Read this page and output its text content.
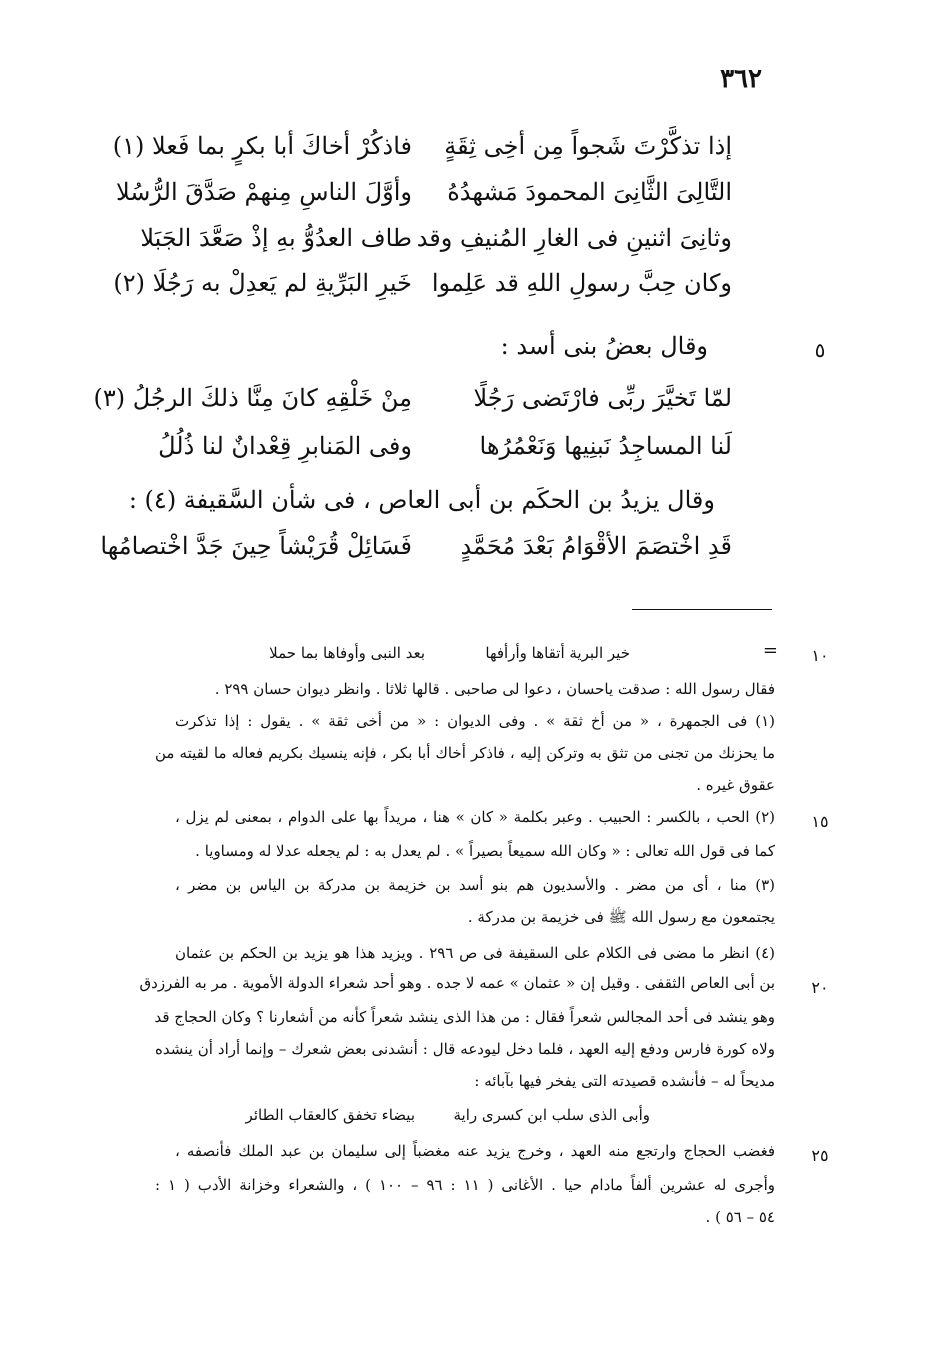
٣٦٢
إذا تذكَّرْتَ شَجواً مِن أخِى ثِقَةٍ
فاذكُرْ أخاكَ أبا بكرٍ بما فَعلا (١)
التَّالِىَ الثَّانِىَ المحمودَ مَشهدُهُ
وأوَّلَ الناسِ مِنهمْ صَدَّقَ الرُّسُلا
وثانِىَ اثنينِ فى الغارِ المُنيفِ وقد
طاف العدُوُّ بهِ إذْ صَعَّدَ الجَبَلا
وكان حِبَّ رسولِ اللهِ قد عَلِموا
خَيرِ البَرِّيةِ لم يَعدِلْ به رَجُلَا (٢)
٥
وقال بعضُ بنى أسد :
لمّا تَخيَّرَ ربِّى فارْتَضى رَجُلًا
مِنْ خَلْقِهِ كانَ مِنَّا ذلكَ الرجُلُ (٣)
لَنا المساجِدُ نَبنِيها وَنَعْمُرُها
وفى المَنابرِ قِعْدانٌ لنا ذُلُلُ
وقال يزيدُ بن الحكَم بن أبى العاص ، فى شأن السَّقيفة (٤) :
قَدِ اخْتصَمَ الأقْوَامُ بَعْدَ مُحَمَّدٍ
فَسَائِلْ قُرَيْشاً حِينَ جَدَّ اخْتصامُها
١٠
=
خير البرية أتقاها وأرأفها
بعد النبى وأوفاها بما حملا
فقال رسول الله : صدقت ياحسان ، دعوا لى صاحبى . قالها ثلاثا . وانظر ديوان حسان ٢٩٩ .
(١) فى الجمهرة ، « من أخ ثقة » . وفى الديوان : « من أخى ثقة » . يقول : إذا تذكرت
ما يحزنك من تجنى من تثق به وتركن إليه ، فاذكر أخاك أبا بكر ، فإنه ينسيك بكريم فعاله ما لقيته من
عقوق غيره .
١٥
(٢) الحب ، بالكسر : الحبيب . وعبر بكلمة « كان » هنا ، مريداً بها على الدوام ، بمعنى لم يزل ،
كما فى قول الله تعالى : « وكان الله سميعاً بصيراً » . لم يعدل به : لم يجعله عدلا له ومساويا .
(٣) منا ، أى من مضر . والأسديون هم بنو أسد بن خزيمة بن مدركة بن الياس بن مضر ،
يجتمعون مع رسول الله ﷺ فى خزيمة بن مدركة .
(٤) انظر ما مضى فى الكلام على السقيفة فى ص ٢٩٦ . ويزيد هذا هو يزيد بن الحكم بن عثمان
٢٠
بن أبى العاص الثقفى . وقيل إن « عثمان » عمه لا جده . وهو أحد شعراء الدولة الأموية . مر به الفرزدق
وهو ينشد فى أحد المجالس شعراً فقال : من هذا الذى ينشد شعراً كأنه من أشعارنا ؟ وكان الحجاج قد
ولاه كورة فارس ودفع إليه العهد ، فلما دخل ليودعه قال : أنشدنى بعض شعرك – وإنما أراد أن ينشده
مديحاً له – فأنشده قصيدته التى يفخر فيها بآبائه :
وأبى الذى سلب ابن كسرى راية
بيضاء تخفق كالعقاب الطائر
٢٥
فغضب الحجاج وارتجع منه العهد ، وخرج يزيد عنه مغضباً إلى سليمان بن عبد الملك فأنصفه ،
وأجرى له عشرين ألفاً مادام حيا . الأغانى ( ١١ : ٩٦ – ١٠٠ ) ، والشعراء وخزانة الأدب ( ١ :
٥٤ – ٥٦ ) .
